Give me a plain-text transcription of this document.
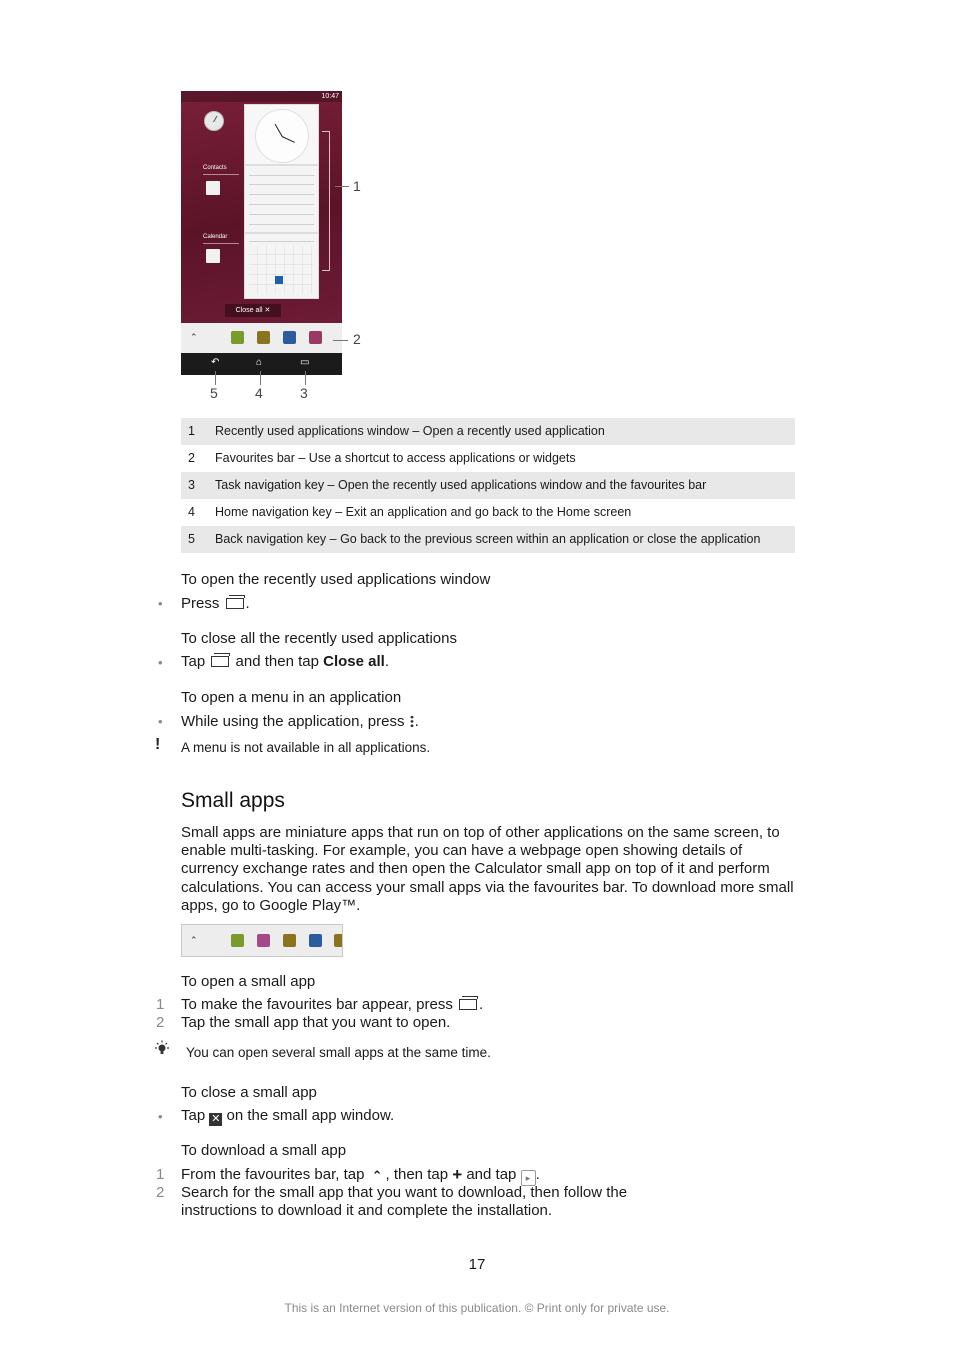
10:47
Contacts
Calendar
Close all ✕
⌃
↶	⌂	▭
1
2
3
4
5
1 Recently used applications window – Open a recently used application
2 Favourites bar – Use a shortcut to access applications or widgets
3 Task navigation key – Open the recently used applications window and the favourites bar
4 Home navigation key – Exit an application and go back to the Home screen
5 Back navigation key – Go back to the previous screen within an application or close the application
To open the recently used applications window
• Press .
To close all the recently used applications
• Tap and then tap Close all.
To open a menu in an application
• While using the application, press .
! A menu is not available in all applications.
Small apps
Small apps are miniature apps that run on top of other applications on the same screen, to enable multi-tasking. For example, you can have a webpage open showing details of currency exchange rates and then open the Calculator small app on top of it and perform calculations. You can access your small apps via the favourites bar. To download more small apps, go to Google Play™.
⌃
To open a small app
1 To make the favourites bar appear, press .
2 Tap the small app that you want to open.
You can open several small apps at the same time.
To close a small app
• Tap ✕ on the small app window.
To download a small app
1 From the favourites bar, tap ⌃ , then tap + and tap ▸ .
2 Search for the small app that you want to download, then follow the
instructions to download it and complete the installation.
17
This is an Internet version of this publication. © Print only for private use.
